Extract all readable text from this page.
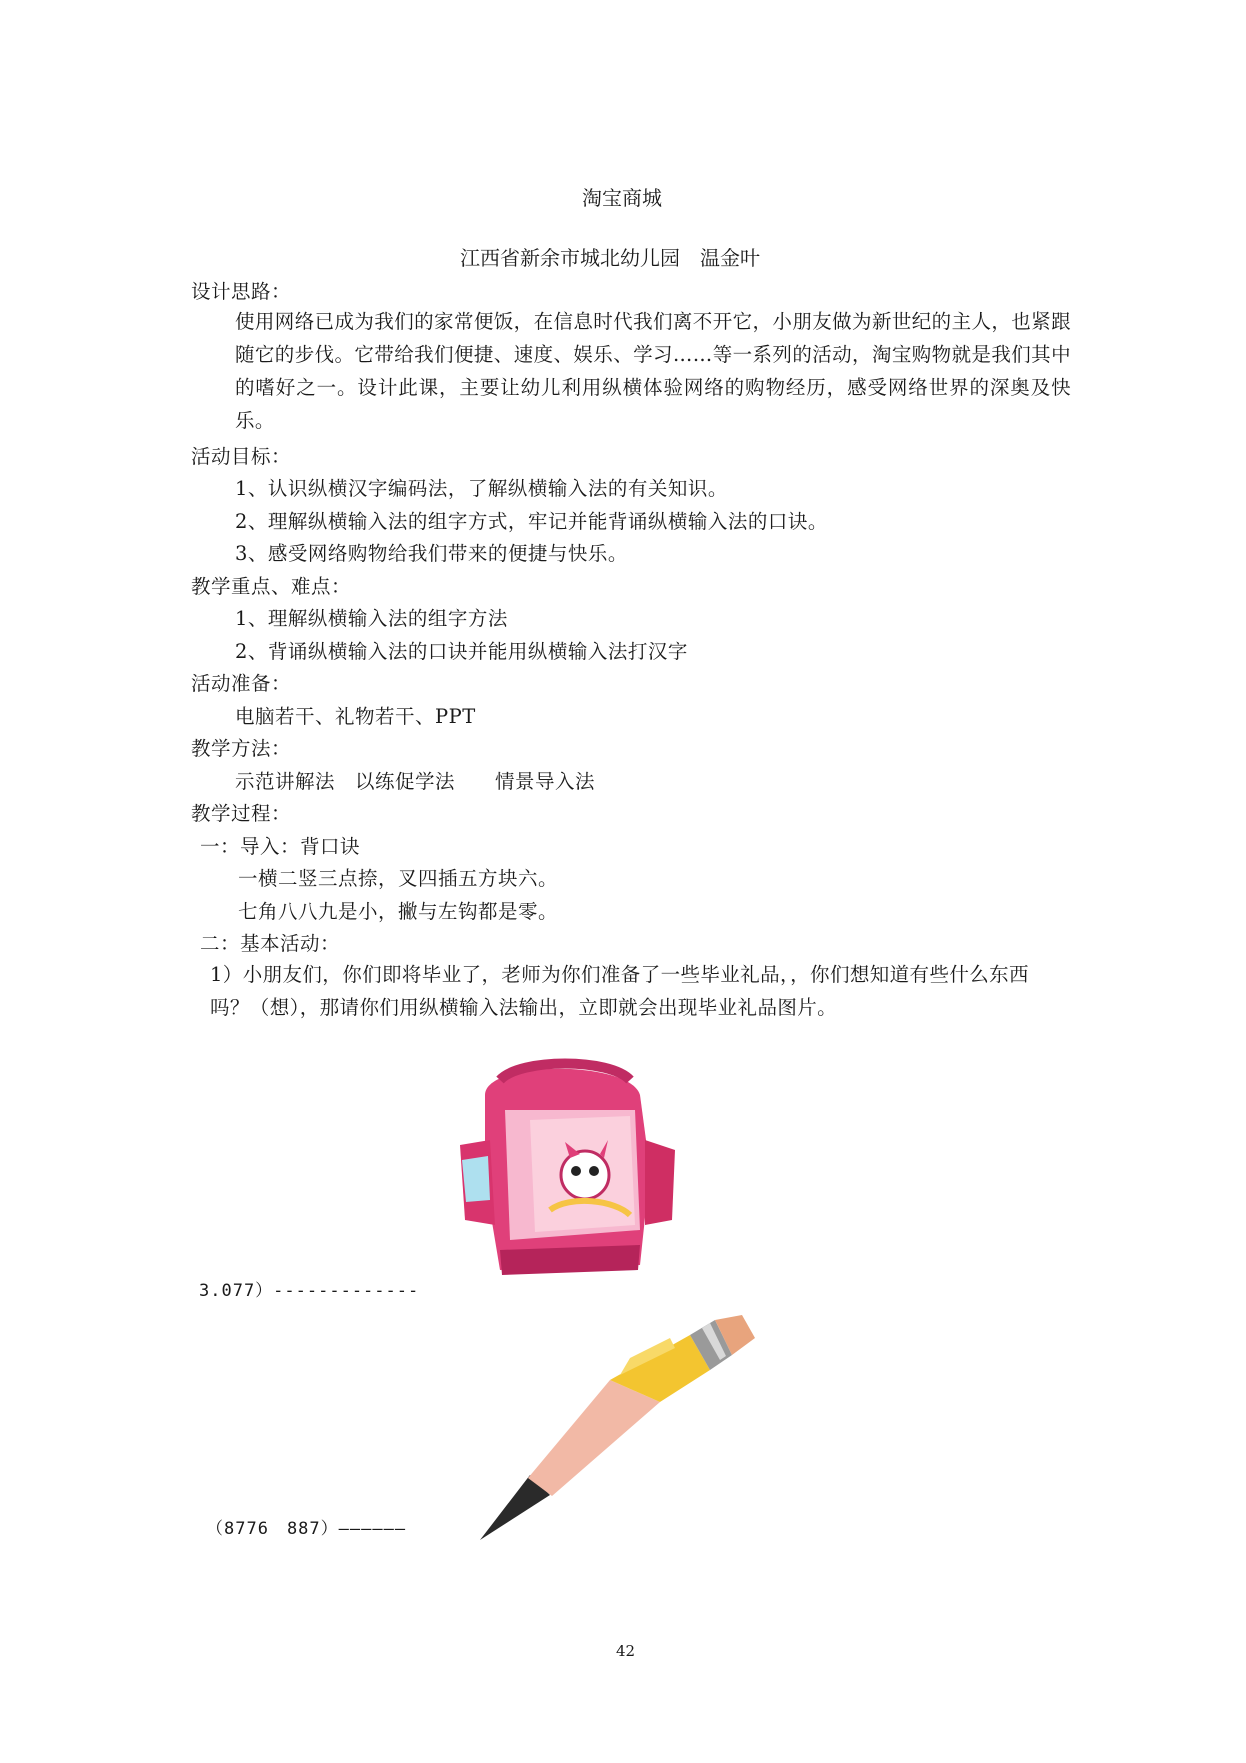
淘宝商城
江西省新余市城北幼儿园　温金叶
设计思路：
使用网络已成为我们的家常便饭，在信息时代我们离不开它，小朋友做为新世纪的主人，也紧跟随它的步伐。它带给我们便捷、速度、娱乐、学习……等一系列的活动，淘宝购物就是我们其中的嗜好之一。设计此课，主要让幼儿利用纵横体验网络的购物经历，感受网络世界的深奥及快乐。
活动目标：
1、认识纵横汉字编码法，了解纵横输入法的有关知识。
2、理解纵横输入法的组字方式，牢记并能背诵纵横输入法的口诀。
3、感受网络购物给我们带来的便捷与快乐。
教学重点、难点：
1、理解纵横输入法的组字方法
2、背诵纵横输入法的口诀并能用纵横输入法打汉字
活动准备：
电脑若干、礼物若干、PPT
教学方法：
示范讲解法　以练促学法　　情景导入法
教学过程：
一：导入：背口诀
一横二竖三点捺，叉四插五方块六。
七角八八九是小，撇与左钩都是零。
二：基本活动：
1）小朋友们，你们即将毕业了，老师为你们准备了一些毕业礼品，，你们想知道有些什么东西吗？（想），那请你们用纵横输入法输出，立即就会出现毕业礼品图片。
3.077）-------------
（8776　887）——————
42
